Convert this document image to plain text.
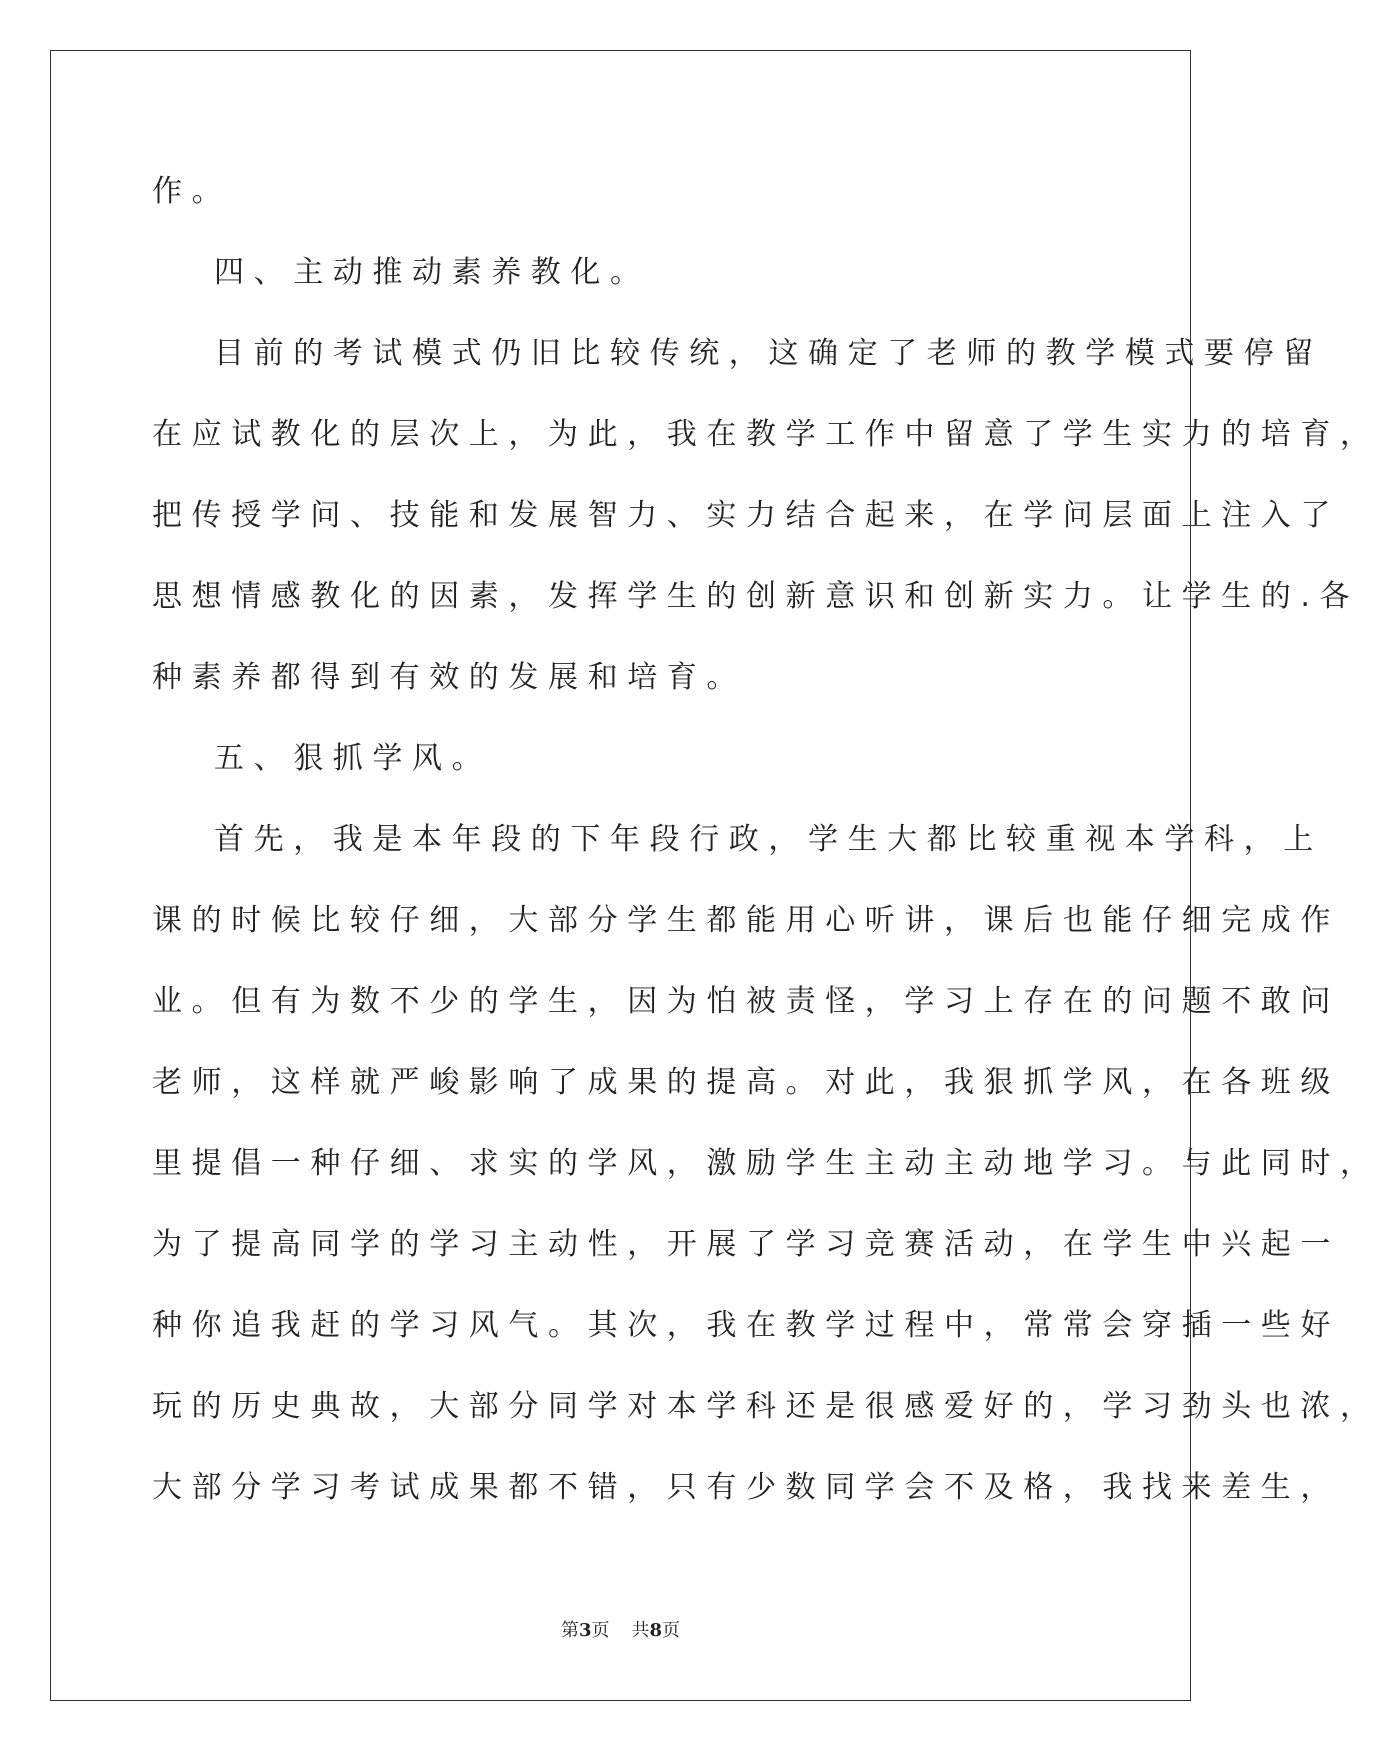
作。
四、主动推动素养教化。
目前的考试模式仍旧比较传统，这确定了老师的教学模式要停留
在应试教化的层次上，为此，我在教学工作中留意了学生实力的培育，
把传授学问、技能和发展智力、实力结合起来，在学问层面上注入了
思想情感教化的因素，发挥学生的创新意识和创新实力。让学生的.各
种素养都得到有效的发展和培育。
五、狠抓学风。
首先，我是本年段的下年段行政，学生大都比较重视本学科，上
课的时候比较仔细，大部分学生都能用心听讲，课后也能仔细完成作
业。但有为数不少的学生，因为怕被责怪，学习上存在的问题不敢问
老师，这样就严峻影响了成果的提高。对此，我狠抓学风，在各班级
里提倡一种仔细、求实的学风，激励学生主动主动地学习。与此同时，
为了提高同学的学习主动性，开展了学习竞赛活动，在学生中兴起一
种你追我赶的学习风气。其次，我在教学过程中，常常会穿插一些好
玩的历史典故，大部分同学对本学科还是很感爱好的，学习劲头也浓，
大部分学习考试成果都不错，只有少数同学会不及格，我找来差生，
第3页 共8页
